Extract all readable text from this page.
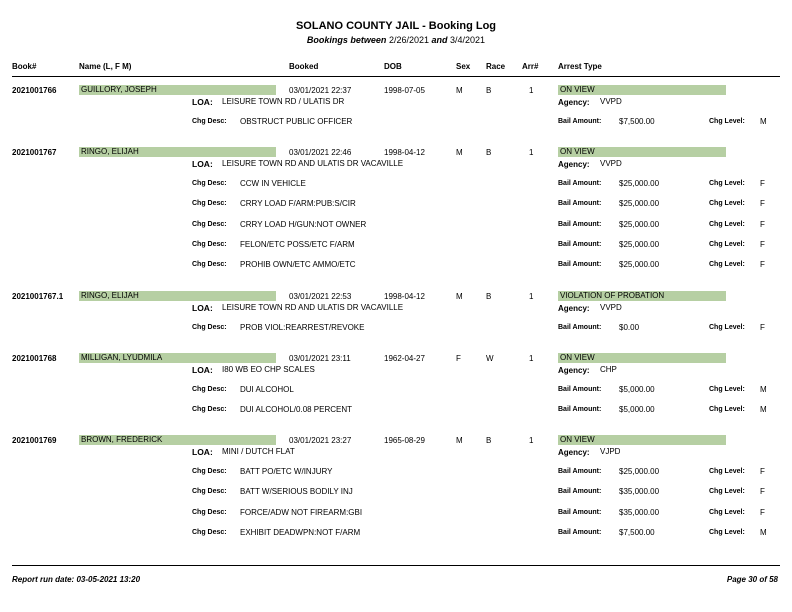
SOLANO COUNTY JAIL - Booking Log
Bookings between 2/26/2021 and 3/4/2021
Book#	Name (L, F M)	Booked	DOB	Sex Race Arr# Arrest Type
2021001766	GUILLORY, JOSEPH	03/01/2021 22:37	1998-07-05	M	B	1	ON VIEW
LOA: LEISURE TOWN RD / ULATIS DR	Agency: VVPD
Chg Desc: OBSTRUCT PUBLIC OFFICER	Bail Amount: $7,500.00	Chg Level: M
2021001767	RINGO, ELIJAH	03/01/2021 22:46	1998-04-12	M	B	1	ON VIEW
LOA: LEISURE TOWN RD AND ULATIS DR VACAVILLE	Agency: VVPD
Chg Desc: CCW IN VEHICLE	Bail Amount: $25,000.00	Chg Level: F
Chg Desc: CRRY LOAD F/ARM:PUB:S/CIR	Bail Amount: $25,000.00	Chg Level: F
Chg Desc: CRRY LOAD H/GUN:NOT OWNER	Bail Amount: $25,000.00	Chg Level: F
Chg Desc: FELON/ETC POSS/ETC F/ARM	Bail Amount: $25,000.00	Chg Level: F
Chg Desc: PROHIB OWN/ETC AMMO/ETC	Bail Amount: $25,000.00	Chg Level: F
2021001767.1 RINGO, ELIJAH	03/01/2021 22:53	1998-04-12	M	B	1	VIOLATION OF PROBATION
LOA: LEISURE TOWN RD AND ULATIS DR VACAVILLE	Agency: VVPD
Chg Desc: PROB VIOL:REARREST/REVOKE	Bail Amount: $0.00	Chg Level: F
2021001768	MILLIGAN, LYUDMILA	03/01/2021 23:11	1962-04-27	F	W	1	ON VIEW
LOA: I80 WB EO CHP SCALES	Agency: CHP
Chg Desc: DUI ALCOHOL	Bail Amount: $5,000.00	Chg Level: M
Chg Desc: DUI ALCOHOL/0.08 PERCENT	Bail Amount: $5,000.00	Chg Level: M
2021001769	BROWN, FREDERICK	03/01/2021 23:27	1965-08-29	M	B	1	ON VIEW
LOA: MINI / DUTCH FLAT	Agency: VJPD
Chg Desc: BATT PO/ETC W/INJURY	Bail Amount: $25,000.00	Chg Level: F
Chg Desc: BATT W/SERIOUS BODILY INJ	Bail Amount: $35,000.00	Chg Level: F
Chg Desc: FORCE/ADW NOT FIREARM:GBI	Bail Amount: $35,000.00	Chg Level: F
Chg Desc: EXHIBIT DEADWPN:NOT F/ARM	Bail Amount: $7,500.00	Chg Level: M
Report run date: 03-05-2021 13:20	Page 30 of 58
